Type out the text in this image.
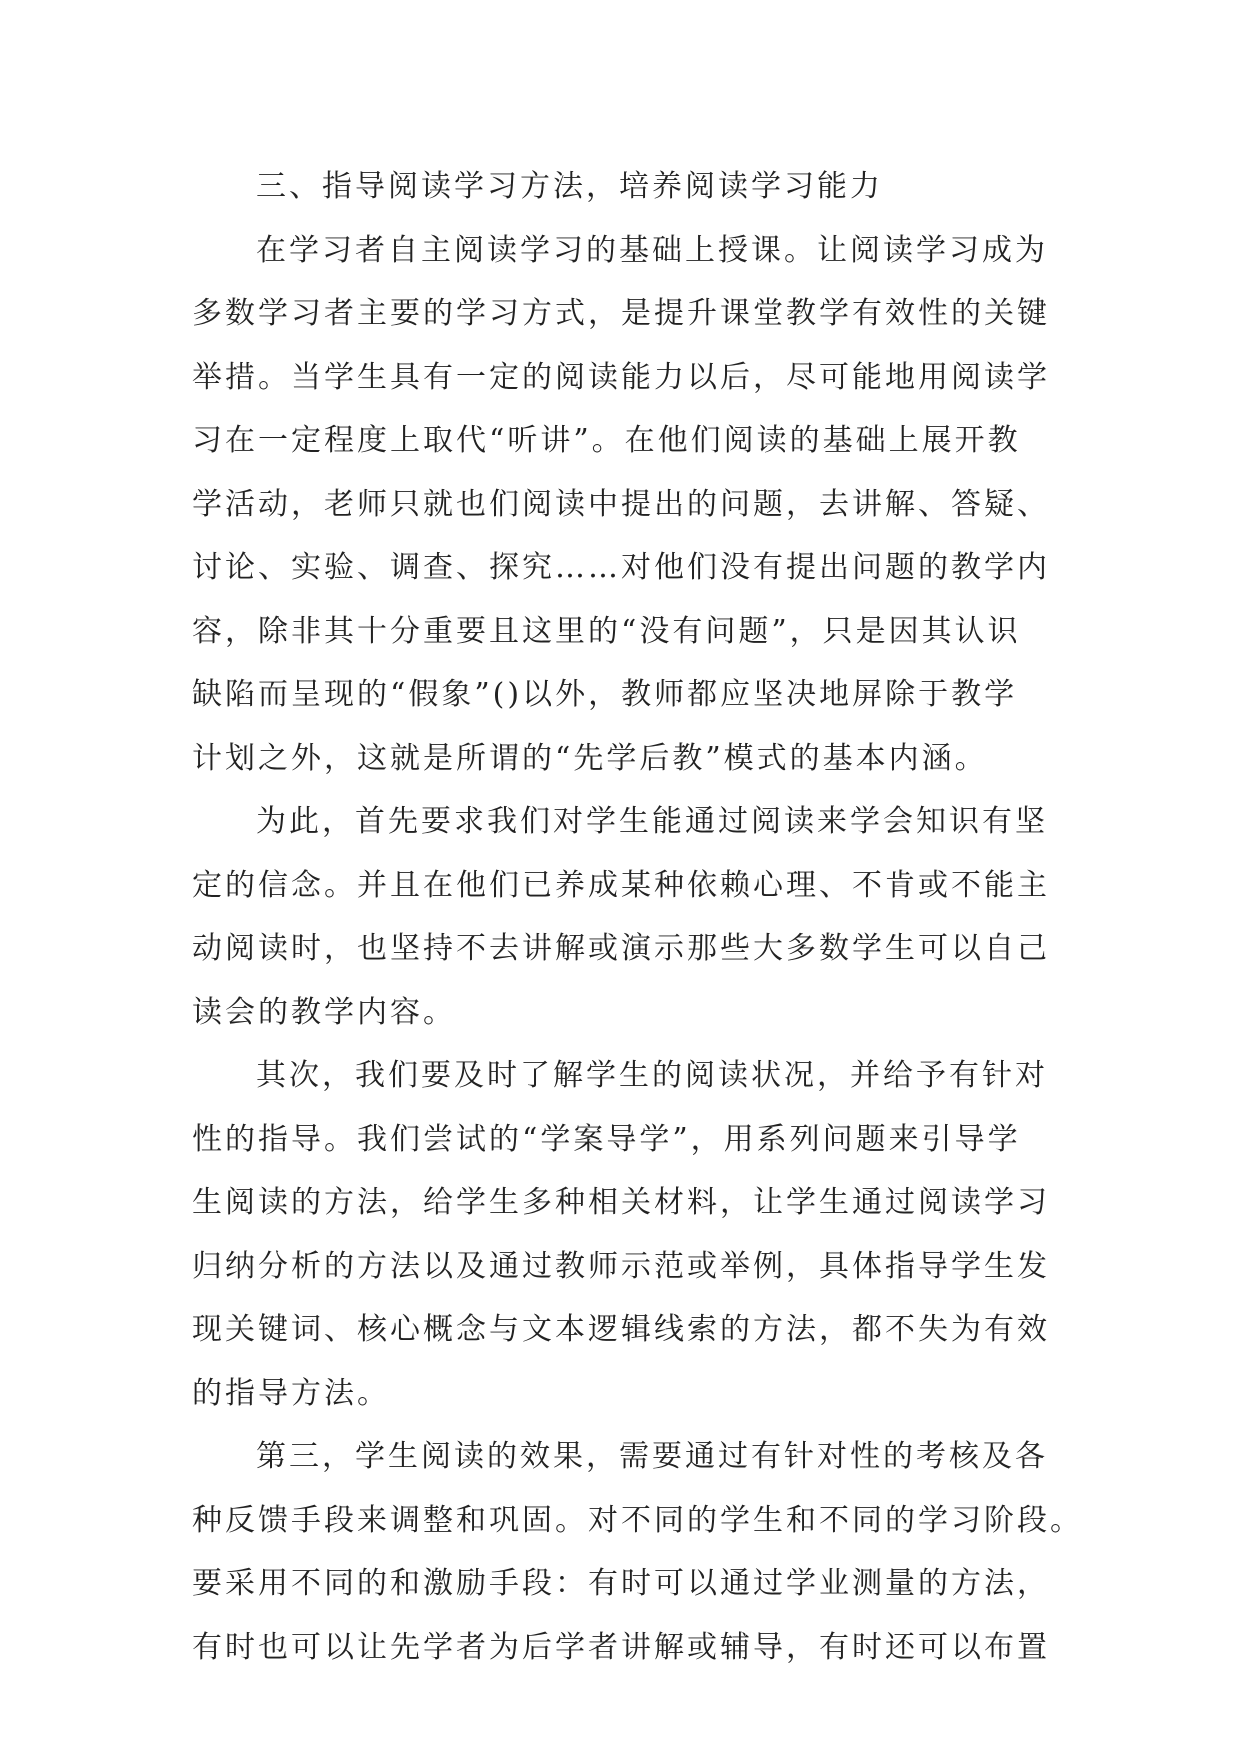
三、指导阅读学习方法，培养阅读学习能力
在学习者自主阅读学习的基础上授课。让阅读学习成为
多数学习者主要的学习方式，是提升课堂教学有效性的关键
举措。当学生具有一定的阅读能力以后，尽可能地用阅读学
习在一定程度上取代“听讲”。在他们阅读的基础上展开教
学活动，老师只就也们阅读中提出的问题，去讲解、答疑、
讨论、实验、调查、探究……对他们没有提出问题的教学内
容，除非其十分重要且这里的“没有问题”，只是因其认识
缺陷而呈现的“假象”()以外，教师都应坚决地屏除于教学
计划之外，这就是所谓的“先学后教”模式的基本内涵。
为此，首先要求我们对学生能通过阅读来学会知识有坚
定的信念。并且在他们已养成某种依赖心理、不肯或不能主
动阅读时，也坚持不去讲解或演示那些大多数学生可以自己
读会的教学内容。
其次，我们要及时了解学生的阅读状况，并给予有针对
性的指导。我们尝试的“学案导学”，用系列问题来引导学
生阅读的方法，给学生多种相关材料，让学生通过阅读学习
归纳分析的方法以及通过教师示范或举例，具体指导学生发
现关键词、核心概念与文本逻辑线索的方法，都不失为有效
的指导方法。
第三，学生阅读的效果，需要通过有针对性的考核及各
种反馈手段来调整和巩固。对不同的学生和不同的学习阶段。
要采用不同的和激励手段：有时可以通过学业测量的方法，
有时也可以让先学者为后学者讲解或辅导，有时还可以布置
